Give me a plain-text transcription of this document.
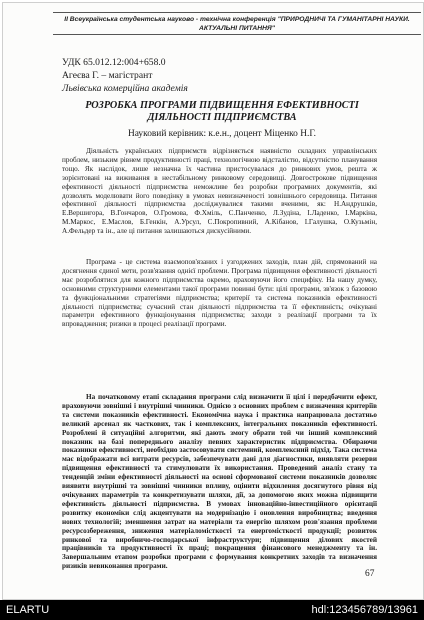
II Всеукраїнська студентська науково - технічна конференція "ПРИРОДНИЧІ ТА ГУМАНІТАРНІ НАУКИ.
АКТУАЛЬНІ ПИТАННЯ"
УДК 65.012.12:004+658.0
Агеєва Г. – магістрант
Львівська комерційна академія
РОЗРОБКА ПРОГРАМИ ПІДВИЩЕННЯ ЕФЕКТИВНОСТІ ДІЯЛЬНОСТІ ПІДПРИЄМСТВА
Науковий керівник: к.е.н., доцент Міценко Н.Г.
Діяльність українських підприємств відрізняється наявністю складних управлінських проблем, низьким рівнем продуктивності праці, технологічною відсталістю, відсутністю планування тощо. Як наслідок, лише незначна їх частина пристосувалася до ринкових умов, решта ж зорієнтовані на виживання в нестабільному ринковому середовищі. Довгострокове підвищення ефективності діяльності підприємства неможливе без розробки програмних документів, які дозволять моделювати його поведінку в умовах невизначеності зовнішнього середовища. Питання ефективної діяльності підприємства досліджувалися такими вченими, як: Н.Андрушків, Е.Вершигора, В.Гончаров, О.Громова, Ф.Хміль, С.Панченко, Л.Зудіна, І.Ладенко, І.Маркіна, М.Маркос, Е.Маслов, Б.Генкін, А.Урсул, С.Покропивний, А.Кібанов, І.Галушка, О.Кузьмін, А.Фельдер та ін., але ці питання залишаються дискусійними.
Програма - це система взаємопов'язаних і узгоджених заходів, план дій, спрямований на досягнення єдиної мети, розв'язання однієї проблеми. Програма підвищення ефективності діяльності має розроблятися для кожного підприємства окремо, враховуючи його специфіку. На нашу думку, основними структурними елементами такої програми повинні бути: цілі програми, зв'язок з базовою та функціональними стратегіями підприємства; критерії та система показників ефективності діяльності підприємства; сучасний стан діяльності підприємства та її ефективність; очікувані параметри ефективного функціонування підприємства; заходи з реалізації програми та їх впровадження; ризики в процесі реалізації програми.
На початковому етапі складання програми слід визначити її цілі і передбачити ефект, враховуючи зовнішні і внутрішні чинники. Однією з основних проблем є визначення критеріїв та системи показників ефективності. Економічна наука і практика напрацювала достатньо великий арсенал як часткових, так і комплексних, інтегральних показників ефективності. Розроблені й ситуаційні алгоритми, які дають змогу обрати той чи інший комплексний показник на базі попереднього аналізу певних характеристик підприємства. Обираючи показники ефективності, необхідно застосовувати системний, комплексний підхід. Така система має відображати всі витрати ресурсів, забезпечувати дані для діагностики, виявляти резерви підвищення ефективності та стимулювати їх використання. Проведений аналіз стану та тенденцій зміни ефективності діяльності на основі сформованої системи показників дозволяє виявити внутрішні та зовнішні чинники впливу, оцінити відхилення досягнутого рівня від очікуваних параметрів та конкретизувати шляхи, дії, за допомогою яких можна підвищити ефективність діяльності підприємства. В умовах інноваційно-інвестиційного орієнтації розвитку економіки слід акцентувати на модернізацію і оновлення виробництва; введення нових технологій; зменшення затрат на матеріали та енергію шляхом розв'язання проблеми ресурсозбереження, зниження матеріаломісткості та енергомісткості продукції; розвиток ринкової та виробничо-господарської інфраструктури; підвищення ділових якостей працівників та продуктивності їх праці; покращення фінансового менеджменту та ін. Завершальним етапом розробки програми є формування конкретних заходів та визначення ризиків невиконання програми.
67
ELARTU	hdl:123456789/13961
